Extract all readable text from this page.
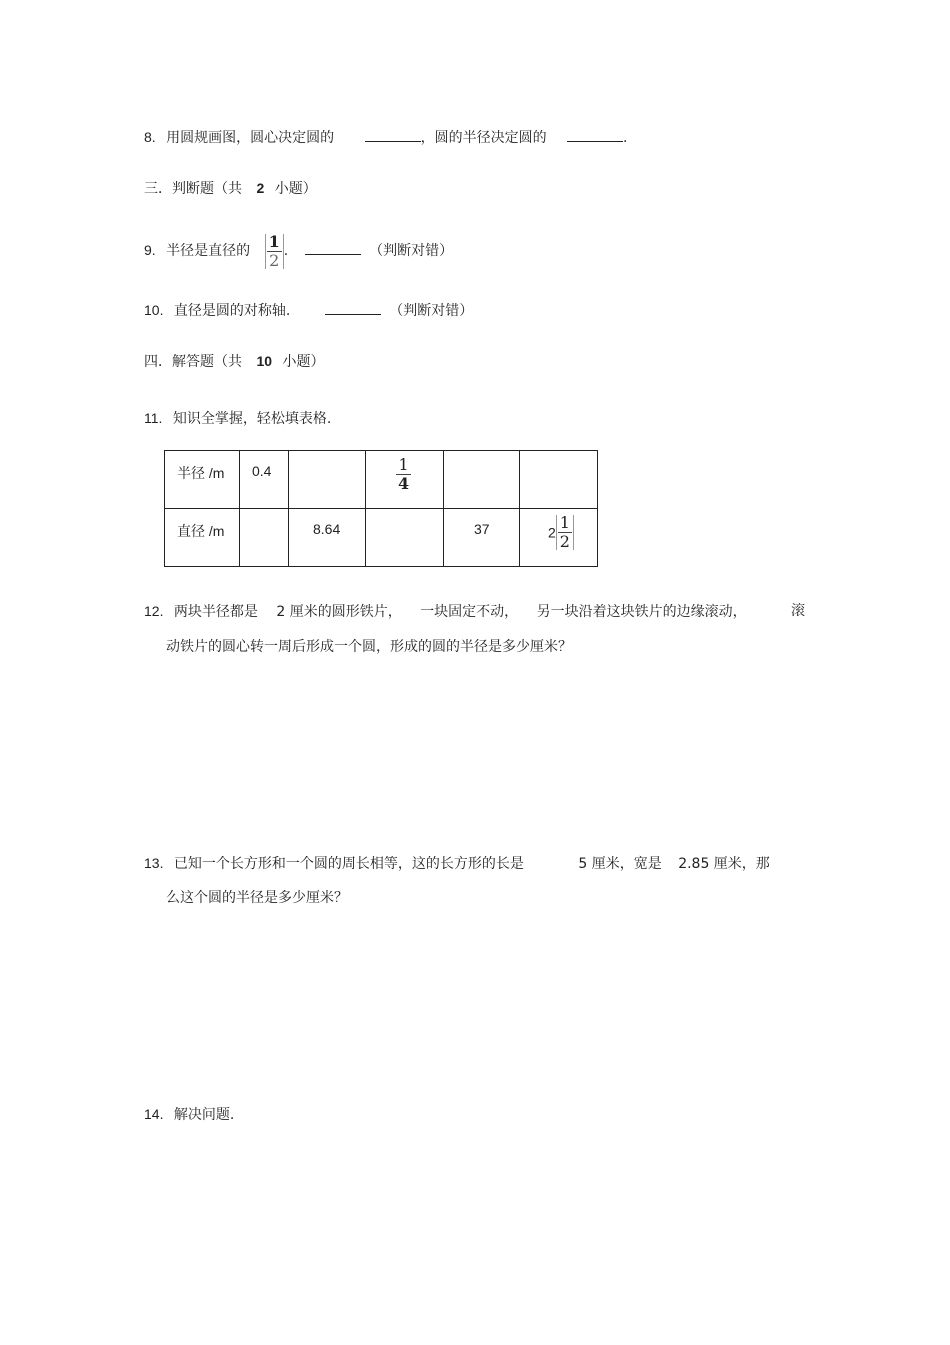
8. 用圆规画图，圆心决定圆的	，圆的半径决定圆的	.
三．判断题（共 2 小题）
9. 半径是直径的 $\frac{1}{2}$ .	（判断对错）
10. 直径是圆的对称轴.	（判断对错）
四．解答题（共 10 小题）
11. 知识全掌握，轻松填表格.
半径 /m	0.4		$\frac{1}{4}$

直径 /m		8.64		37	$2 \frac{1}{2}$
12. 两块半径都是 2 厘米的圆形铁片， 一块固定不动， 另一块沿着这块铁片的边缘滚动，	滚
动铁片的圆心转一周后形成一个圆，形成的圆的半径是多少厘米？
13. 已知一个长方形和一个圆的周长相等，这的长方形的长是	5 厘米，宽是 2.85 厘米，那
么这个圆的半径是多少厘米？
14. 解决问题.
